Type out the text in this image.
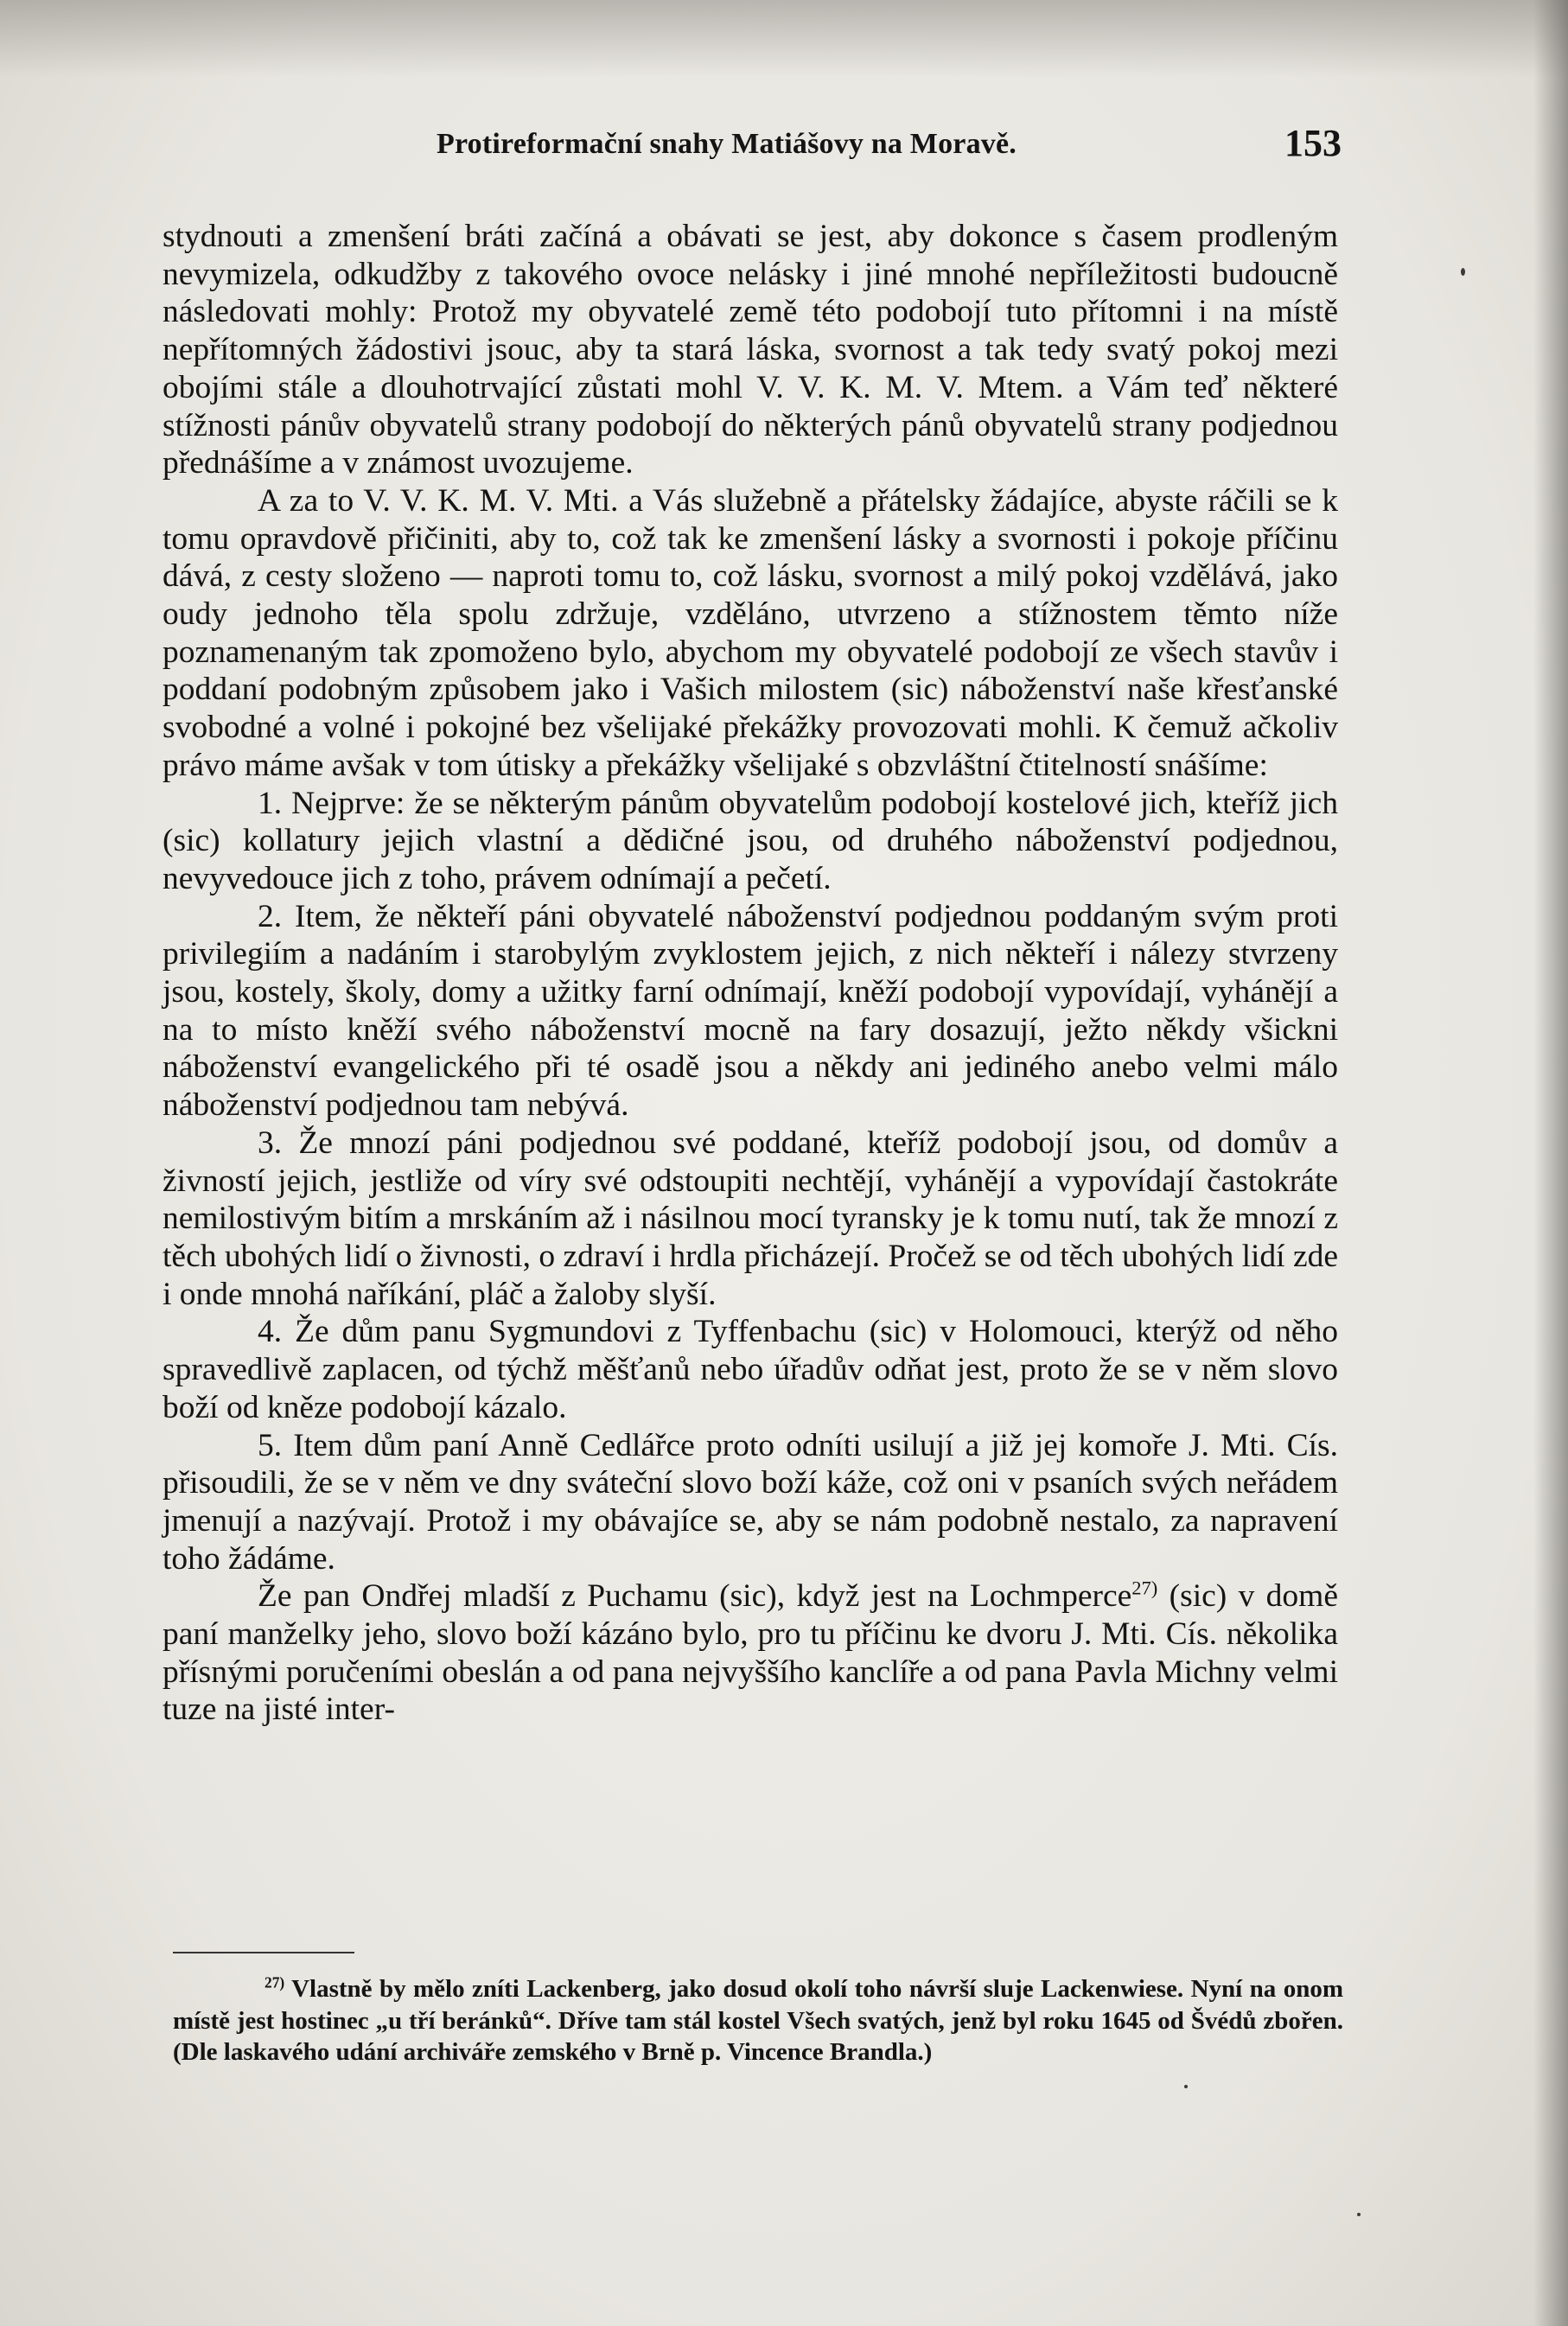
Protireformační snahy Matiášovy na Moravě.	153

stydnouti a zmenšení bráti začíná a obávati se jest, aby dokonce s časem prodleným nevymizela, odkudžby z takového ovoce nelásky i jiné mnohé nepříležitosti budoucně následovati mohly: Protož my obyvatelé země této podobojí tuto přítomni i na místě nepřítomných žádostivi jsouc, aby ta stará láska, svornost a tak tedy svatý pokoj mezi obojími stále a dlouhotrvající zůstati mohl V. V. K. M. V. Mtem. a Vám teď některé stížnosti pánův obyvatelů strany podobojí do některých pánů obyvatelů strany podjednou přednášíme a v známost uvozujeme.

A za to V. V. K. M. V. Mti. a Vás služebně a přátelsky žádajíce, abyste ráčili se k tomu opravdově přičiniti, aby to, což tak ke zmenšení lásky a svornosti i pokoje příčinu dává, z cesty složeno — naproti tomu to, což lásku, svornost a milý pokoj vzdělává, jako oudy jednoho těla spolu zdržuje, vzděláno, utvrzeno a stížnostem těmto níže poznamenaným tak zpomoženo bylo, abychom my obyvatelé podobojí ze všech stavův i poddaní podobným způsobem jako i Vašich milostem (sic) náboženství naše křesťanské svobodné a volné i pokojné bez všelijaké překážky provozovati mohli. K čemuž ačkoliv právo máme avšak v tom útisky a překážky všelijaké s obzvláštní čtitelností snášíme:

1. Nejprve: že se některým pánům obyvatelům podobojí kostelové jich, kteříž jich (sic) kollatury jejich vlastní a dědičné jsou, od druhého náboženství podjednou, nevyvedouce jich z toho, právem odnímají a pečetí.

2. Item, že někteří páni obyvatelé náboženství podjednou poddaným svým proti privilegiím a nadáním i starobylým zvyklostem jejich, z nich někteří i nálezy stvrzeny jsou, kostely, školy, domy a užitky farní odnímají, kněží podobojí vypovídají, vyhánějí a na to místo kněží svého náboženství mocně na fary dosazují, ježto někdy všickni náboženství evangelického při té osadě jsou a někdy ani jediného anebo velmi málo náboženství podjednou tam nebývá.

3. Že mnozí páni podjednou své poddané, kteříž podobojí jsou, od domův a živností jejich, jestliže od víry své odstoupiti nechtějí, vyhánějí a vypovídají častokráte nemilostivým bitím a mrskáním až i násilnou mocí tyransky je k tomu nutí, tak že mnozí z těch ubohých lidí o živnosti, o zdraví i hrdla přicházejí. Pročež se od těch ubohých lidí zde i onde mnohá naříkání, pláč a žaloby slyší.

4. Že dům panu Sygmundovi z Tyffenbachu (sic) v Holomouci, kterýž od něho spravedlivě zaplacen, od týchž měšťanů nebo úřadův odňat jest, proto že se v něm slovo boží od kněze podobojí kázalo.

5. Item dům paní Anně Cedlářce proto odníti usilují a již jej komoře J. Mti. Cís. přisoudili, že se v něm ve dny sváteční slovo boží káže, což oni v psaních svých neřádem jmenují a nazývají. Protož i my obávajíce se, aby se nám podobně nestalo, za napravení toho žádáme.

Že pan Ondřej mladší z Puchamu (sic), když jest na Lochmperce$^{27)}$ (sic) v domě paní manželky jeho, slovo boží kázáno bylo, pro tu příčinu ke dvoru J. Mti. Cís. několika přísnými poručeními obeslán a od pana nejvyššího kanclíře a od pana Pavla Michny velmi tuze na jisté inter-

$^{27)}$ Vlastně by mělo zníti Lackenberg, jako dosud okolí toho návrší sluje Lackenwiese. Nyní na onom místě jest hostinec „u tří beránků“. Dříve tam stál kostel Všech svatých, jenž byl roku 1645 od Švédů zbořen. (Dle laskavého udání archiváře zemského v Brně p. Vincence Brandla.)
